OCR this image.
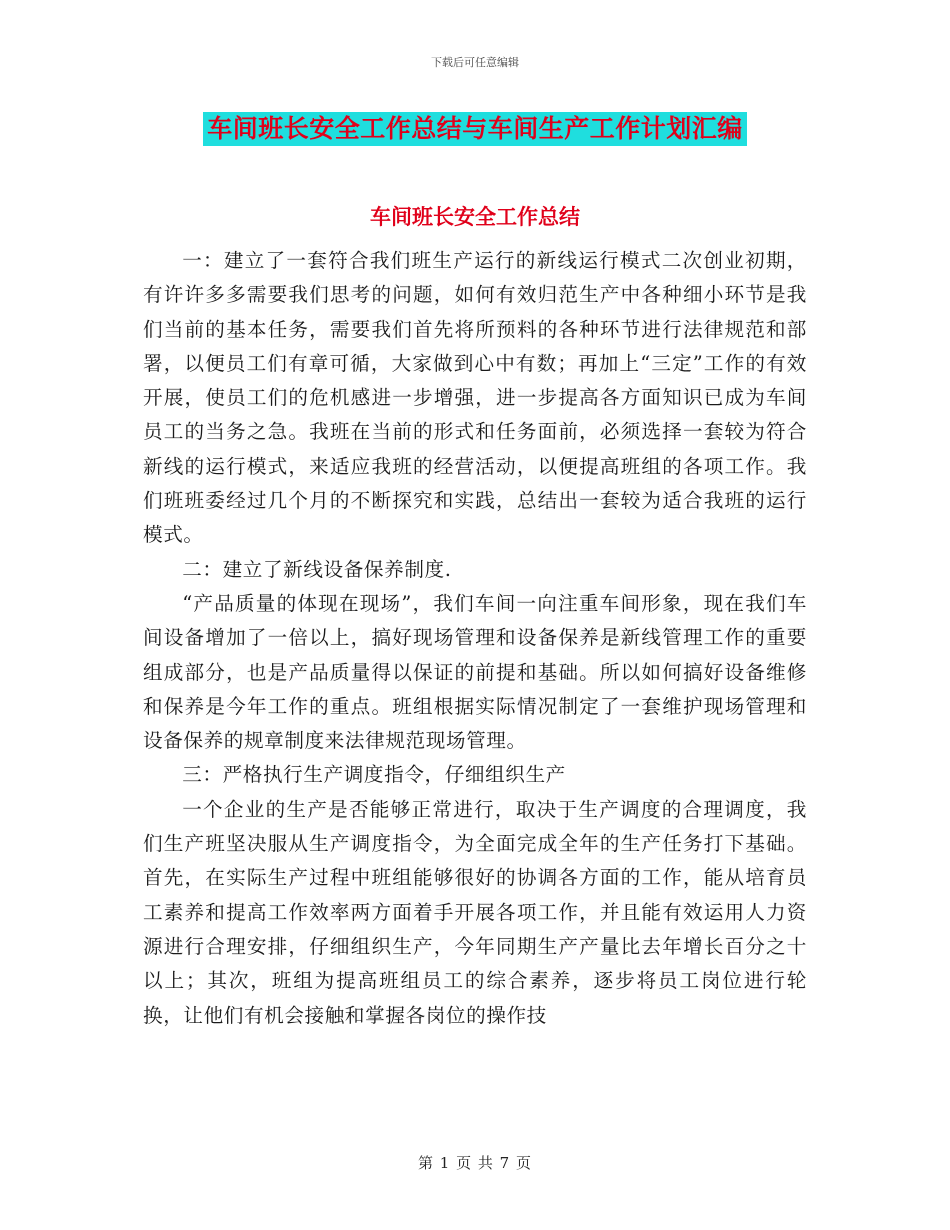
下载后可任意编辑
车间班长安全工作总结与车间生产工作计划汇编
车间班长安全工作总结

一：建立了一套符合我们班生产运行的新线运行模式二次创业初期，有许许多多需要我们思考的问题，如何有效归范生产中各种细小环节是我们当前的基本任务，需要我们首先将所预料的各种环节进行法律规范和部署，以便员工们有章可循，大家做到心中有数；再加上“三定”工作的有效开展，使员工们的危机感进一步增强，进一步提高各方面知识已成为车间员工的当务之急。我班在当前的形式和任务面前，必须选择一套较为符合新线的运行模式，来适应我班的经营活动，以便提高班组的各项工作。我们班班委经过几个月的不断探究和实践，总结出一套较为适合我班的运行模式。

二：建立了新线设备保养制度.

“产品质量的体现在现场”，我们车间一向注重车间形象，现在我们车间设备增加了一倍以上，搞好现场管理和设备保养是新线管理工作的重要组成部分，也是产品质量得以保证的前提和基础。所以如何搞好设备维修和保养是今年工作的重点。班组根据实际情况制定了一套维护现场管理和设备保养的规章制度来法律规范现场管理。

三：严格执行生产调度指令，仔细组织生产

一个企业的生产是否能够正常进行，取决于生产调度的合理调度，我们生产班坚决服从生产调度指令，为全面完成全年的生产任务打下基础。首先，在实际生产过程中班组能够很好的协调各方面的工作，能从培育员工素养和提高工作效率两方面着手开展各项工作，并且能有效运用人力资源进行合理安排，仔细组织生产，今年同期生产产量比去年增长百分之十以上；其次，班组为提高班组员工的综合素养，逐步将员工岗位进行轮换，让他们有机会接触和掌握各岗位的操作技

第 1 页 共 7 页
